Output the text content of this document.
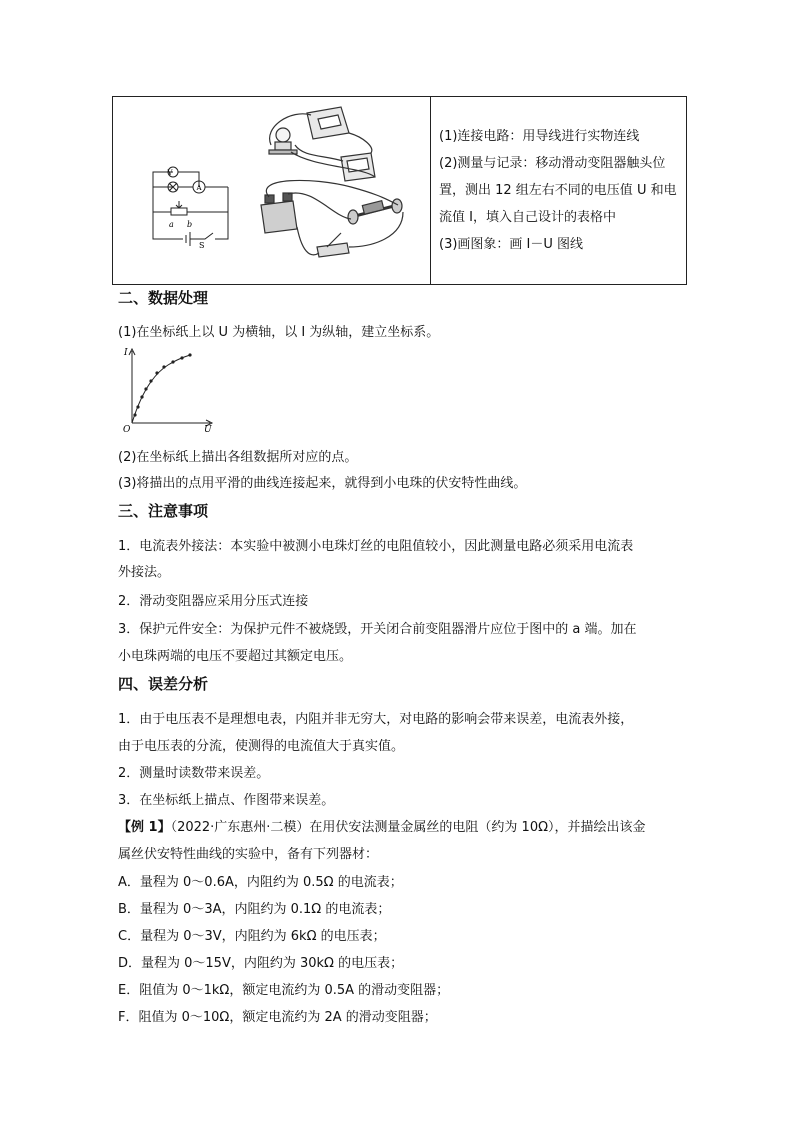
V
A
a b
S
(1)连接电路：用导线进行实物连线
(2)测量与记录：移动滑动变阻器触头位
置，测出 12 组左右不同的电压值 U 和电
流值 I，填入自己设计的表格中
(3)画图象：画 I－U 图线
二、数据处理
(1)在坐标纸上以 U 为横轴，以 I 为纵轴，建立坐标系。
I
O	U
(2)在坐标纸上描出各组数据所对应的点。
(3)将描出的点用平滑的曲线连接起来，就得到小电珠的伏安特性曲线。
三、注意事项
1．电流表外接法：本实验中被测小电珠灯丝的电阻值较小，因此测量电路必须采用电流表
外接法。
2．滑动变阻器应采用分压式连接
3．保护元件安全：为保护元件不被烧毁，开关闭合前变阻器滑片应位于图中的 a 端。加在
小电珠两端的电压不要超过其额定电压。
四、误差分析
1．由于电压表不是理想电表，内阻并非无穷大，对电路的影响会带来误差，电流表外接，
由于电压表的分流，使测得的电流值大于真实值。
2．测量时读数带来误差。
3．在坐标纸上描点、作图带来误差。
【例 1】（2022·广东惠州·二模）在用伏安法测量金属丝的电阻（约为 10Ω），并描绘出该金
属丝伏安特性曲线的实验中，备有下列器材：
A．量程为 0～0.6A，内阻约为 0.5Ω 的电流表；
B．量程为 0～3A，内阻约为 0.1Ω 的电流表；
C．量程为 0～3V，内阻约为 6kΩ 的电压表；
D．量程为 0～15V，内阻约为 30kΩ 的电压表；
E．阻值为 0～1kΩ，额定电流约为 0.5A 的滑动变阻器；
F．阻值为 0～10Ω，额定电流约为 2A 的滑动变阻器；
